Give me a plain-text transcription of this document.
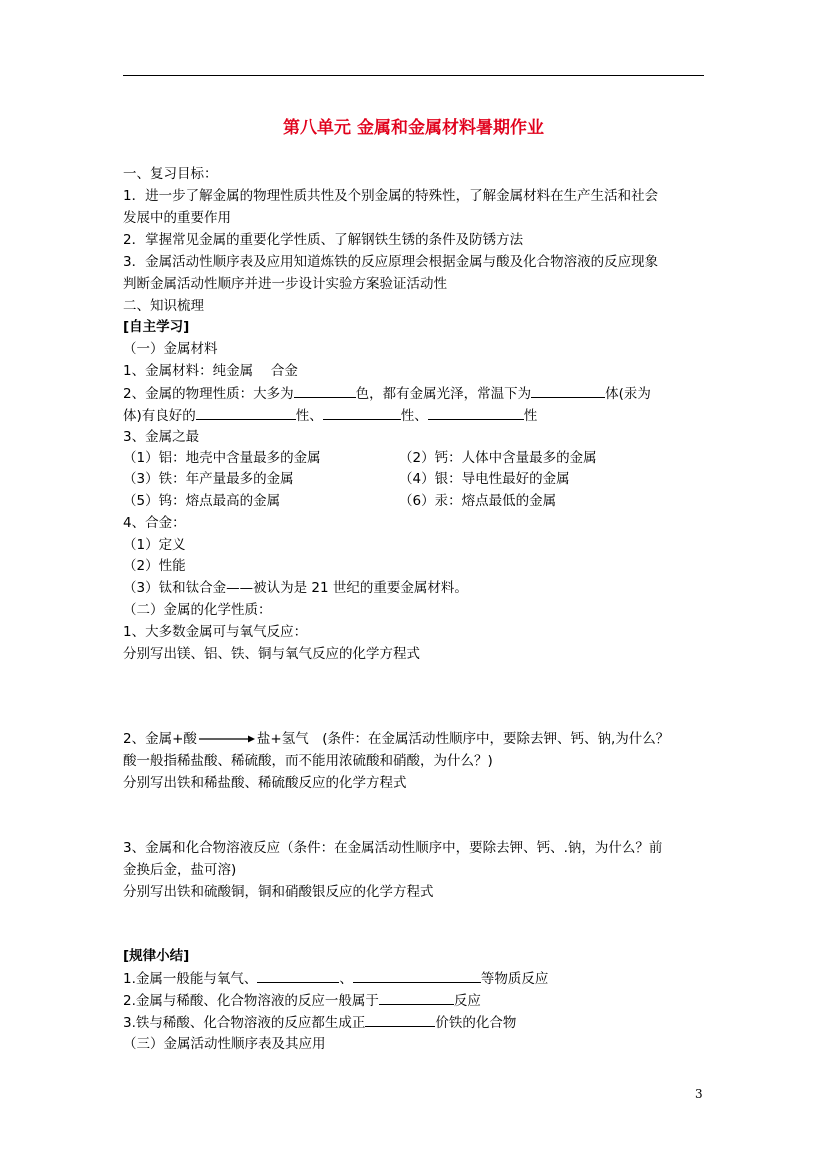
第八单元 金属和金属材料暑期作业
一、复习目标：
1．进一步了解金属的物理性质共性及个别金属的特殊性，了解金属材料在生产生活和社会
发展中的重要作用
2．掌握常见金属的重要化学性质、了解钢铁生锈的条件及防锈方法
3．金属活动性顺序表及应用知道炼铁的反应原理会根据金属与酸及化合物溶液的反应现象
判断金属活动性顺序并进一步设计实验方案验证活动性
二、知识梳理
[自主学习]
（一）金属材料
1、金属材料：纯金属　 合金
2、金属的物理性质：大多为	色，都有金属光泽，常温下为	体(汞为
体)有良好的	性、	性、	性
3、金属之最
（1）铝：地壳中含量最多的金属	（2）钙：人体中含量最多的金属
（3）铁：年产量最多的金属	（4）银：导电性最好的金属
（5）钨：熔点最高的金属	（6）汞：熔点最低的金属
4、合金：
（1）定义
（2）性能
（3）钛和钛合金——被认为是 21 世纪的重要金属材料。
（二）金属的化学性质：
1、大多数金属可与氧气反应：
分别写出镁、铝、铁、铜与氧气反应的化学方程式
2、金属+酸	盐+氢气　(条件：在金属活动性顺序中，要除去钾、钙、钠,为什么？
酸一般指稀盐酸、稀硫酸，而不能用浓硫酸和硝酸，为什么？)
分别写出铁和稀盐酸、稀硫酸反应的化学方程式
3、金属和化合物溶液反应（条件：在金属活动性顺序中，要除去钾、钙、.钠，为什么？前
金换后金，盐可溶)
分别写出铁和硫酸铜，铜和硝酸银反应的化学方程式
[规律小结]
1.金属一般能与氧气、	、	等物质反应
2.金属与稀酸、化合物溶液的反应一般属于	反应
3.铁与稀酸、化合物溶液的反应都生成正	价铁的化合物
（三）金属活动性顺序表及其应用
3
